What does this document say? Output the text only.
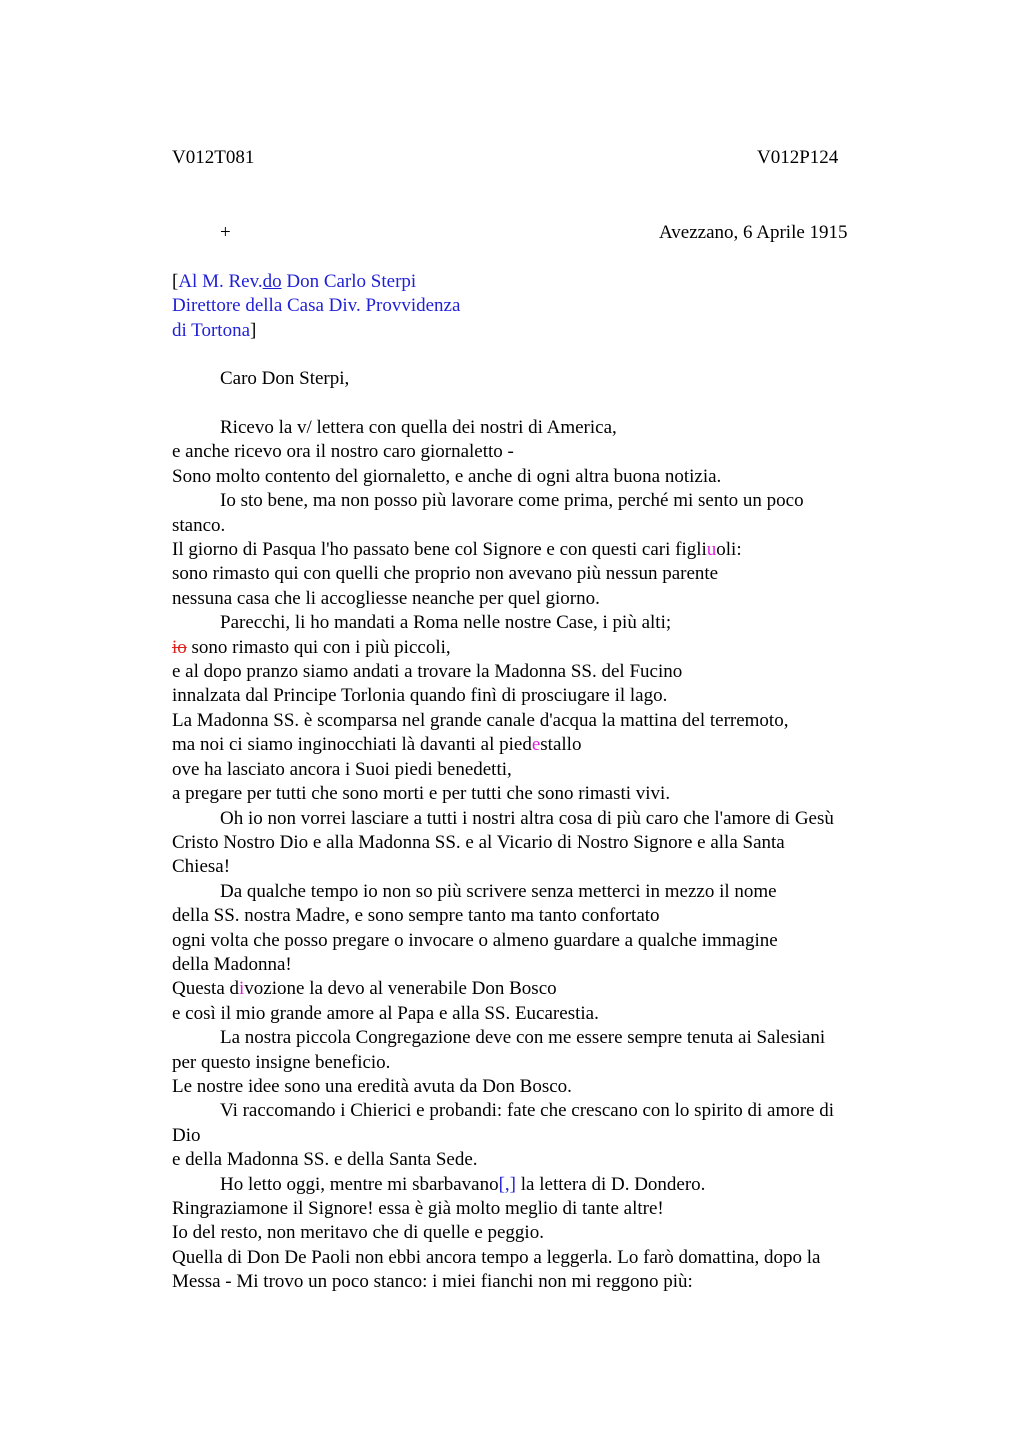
V012T081	V012P124
+	Avezzano, 6 Aprile 1915
[Al M. Rev.do Don Carlo Sterpi
Direttore della Casa Div. Provvidenza
di Tortona]
Caro Don Sterpi,

Ricevo la v/ lettera con quella dei nostri di America,

e anche ricevo ora il nostro caro giornaletto -

Sono molto contento del giornaletto, e anche di ogni altra buona notizia.

Io sto bene, ma non posso più lavorare come prima, perché mi sento un poco

stanco.

Il giorno di Pasqua l'ho passato bene col Signore e con questi cari figliuoli:

sono rimasto qui con quelli che proprio non avevano più nessun parente

nessuna casa che li accogliesse neanche per quel giorno.

Parecchi, li ho mandati a Roma nelle nostre Case, i più alti;

io sono rimasto qui con i più piccoli,

e al dopo pranzo siamo andati a trovare la Madonna SS. del Fucino

innalzata dal Principe Torlonia quando finì di prosciugare il lago.

La Madonna SS. è scomparsa nel grande canale d'acqua la mattina del terremoto,

ma noi ci siamo inginocchiati là davanti al piedestallo

ove ha lasciato ancora i Suoi piedi benedetti,

a pregare per tutti che sono morti e per tutti che sono rimasti vivi.

Oh io non vorrei lasciare a tutti i nostri altra cosa di più caro che l'amore di Gesù

Cristo Nostro Dio e alla Madonna SS. e al Vicario di Nostro Signore e alla Santa

Chiesa!

Da qualche tempo io non so più scrivere senza metterci in mezzo il nome

della SS. nostra Madre, e sono sempre tanto ma tanto confortato

ogni volta che posso pregare o invocare o almeno guardare a qualche immagine

della Madonna!

Questa divozione la devo al venerabile Don Bosco

e così il mio grande amore al Papa e alla SS. Eucarestia.

La nostra piccola Congregazione deve con me essere sempre tenuta ai Salesiani

per questo insigne beneficio.

Le nostre idee sono una eredità avuta da Don Bosco.

Vi raccomando i Chierici e probandi: fate che crescano con lo spirito di amore di

Dio

e della Madonna SS. e della Santa Sede.

Ho letto oggi, mentre mi sbarbavano[,] la lettera di D. Dondero.

Ringraziamone il Signore! essa è già molto meglio di tante altre!

Io del resto, non meritavo che di quelle e peggio.

Quella di Don De Paoli non ebbi ancora tempo a leggerla. Lo farò domattina, dopo la

Messa - Mi trovo un poco stanco: i miei fianchi non mi reggono più:
